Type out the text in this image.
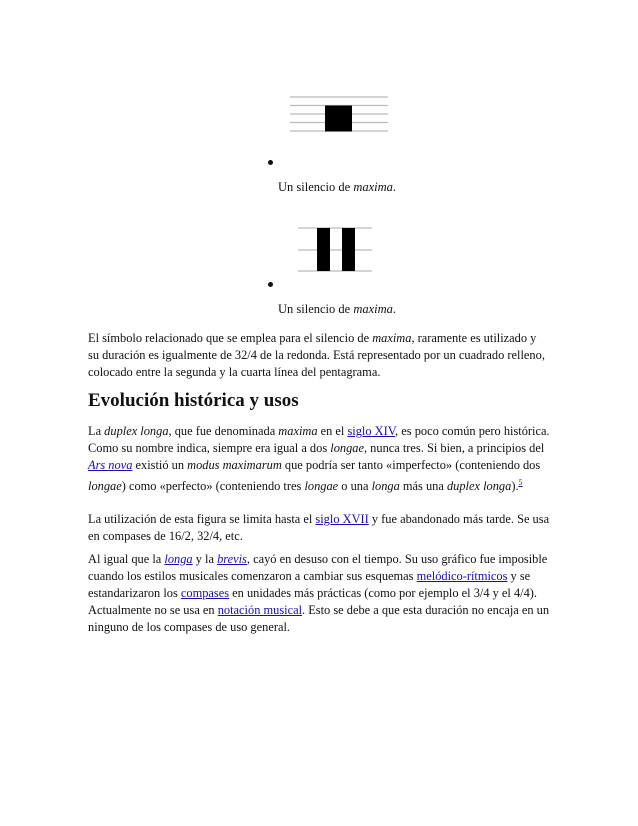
Un silencio de maxima.
Un silencio de maxima.

El símbolo relacionado que se emplea para el silencio de maxima, raramente es utilizado y su duración es igualmente de 32/4 de la redonda. Está representado por un cuadrado relleno, colocado entre la segunda y la cuarta línea del pentagrama.

Evolución histórica y usos

La duplex longa, que fue denominada maxima en el siglo XIV, es poco común pero histórica. Como su nombre indica, siempre era igual a dos longae, nunca tres. Si bien, a principios del Ars nova existió un modus maximarum que podría ser tanto «imperfecto» (conteniendo dos longae) como «perfecto» (conteniendo tres longae o una longa más una duplex longa).$^5$

La utilización de esta figura se limita hasta el siglo XVII y fue abandonado más tarde. Se usa en compases de 16/2, 32/4, etc.

Al igual que la longa y la brevis, cayó en desuso con el tiempo. Su uso gráfico fue imposible cuando los estilos musicales comenzaron a cambiar sus esquemas melódico-rítmicos y se estandarizaron los compases en unidades más prácticas (como por ejemplo el 3/4 y el 4/4). Actualmente no se usa en notación musical. Esto se debe a que esta duración no encaja en un ninguno de los compases de uso general.
